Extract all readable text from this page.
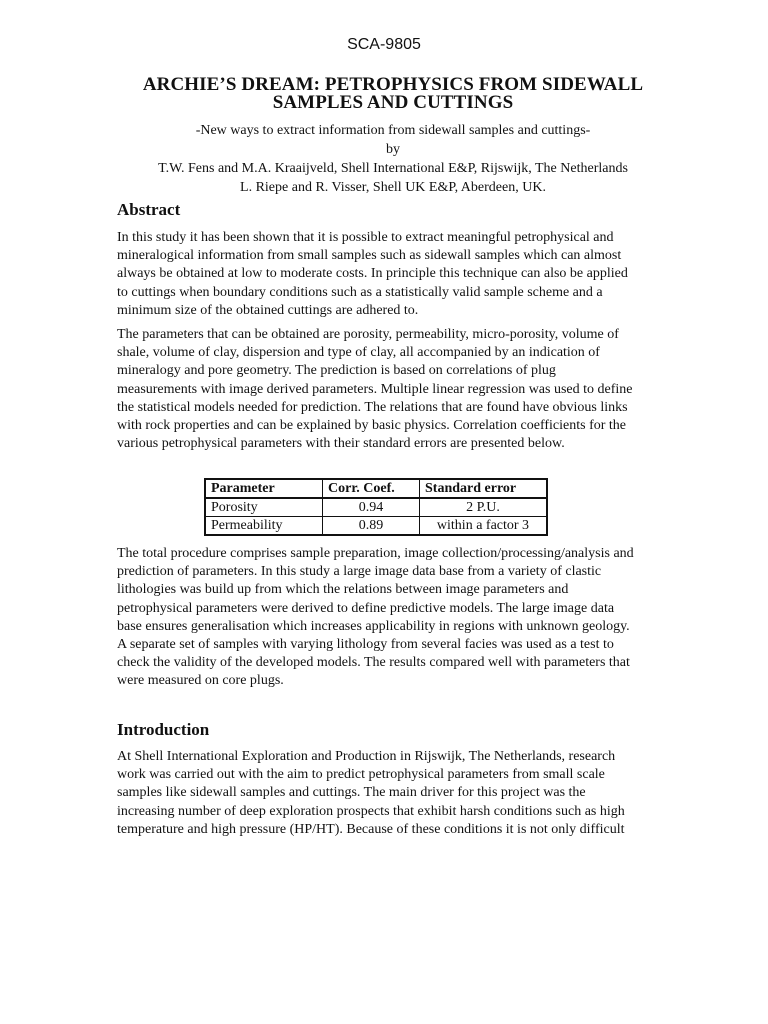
SCA-9805
ARCHIE’S DREAM: PETROPHYSICS FROM SIDEWALL
SAMPLES AND CUTTINGS
-New ways to extract information from sidewall samples and cuttings-
by
T.W. Fens and M.A. Kraaijveld, Shell International E&P, Rijswijk, The Netherlands
L. Riepe and R. Visser, Shell UK E&P, Aberdeen, UK.
Abstract
In this study it has been shown that it is possible to extract meaningful petrophysical and
mineralogical information from small samples such as sidewall samples which can almost
always be obtained at low to moderate costs. In principle this technique can also be applied
to cuttings when boundary conditions such as a statistically valid sample scheme and a
minimum size of the obtained cuttings are adhered to.
The parameters that can be obtained are porosity, permeability, micro-porosity, volume of
shale, volume of clay, dispersion and type of clay, all accompanied by an indication of
mineralogy and pore geometry. The prediction is based on correlations of plug
measurements with image derived parameters. Multiple linear regression was used to define
the statistical models needed for prediction. The relations that are found have obvious links
with rock properties and can be explained by basic physics. Correlation coefficients for the
various petrophysical parameters with their standard errors are presented below.
Parameter	Corr. Coef.	Standard error
Porosity	0.94	2 P.U.
Permeability	0.89	within a factor 3
The total procedure comprises sample preparation, image collection/processing/analysis and
prediction of parameters. In this study a large image data base from a variety of clastic
lithologies was build up from which the relations between image parameters and
petrophysical parameters were derived to define predictive models. The large image data
base ensures generalisation which increases applicability in regions with unknown geology.
A separate set of samples with varying lithology from several facies was used as a test to
check the validity of the developed models. The results compared well with parameters that
were measured on core plugs.
Introduction
At Shell International Exploration and Production in Rijswijk, The Netherlands, research
work was carried out with the aim to predict petrophysical parameters from small scale
samples like sidewall samples and cuttings. The main driver for this project was the
increasing number of deep exploration prospects that exhibit harsh conditions such as high
temperature and high pressure (HP/HT). Because of these conditions it is not only difficult
